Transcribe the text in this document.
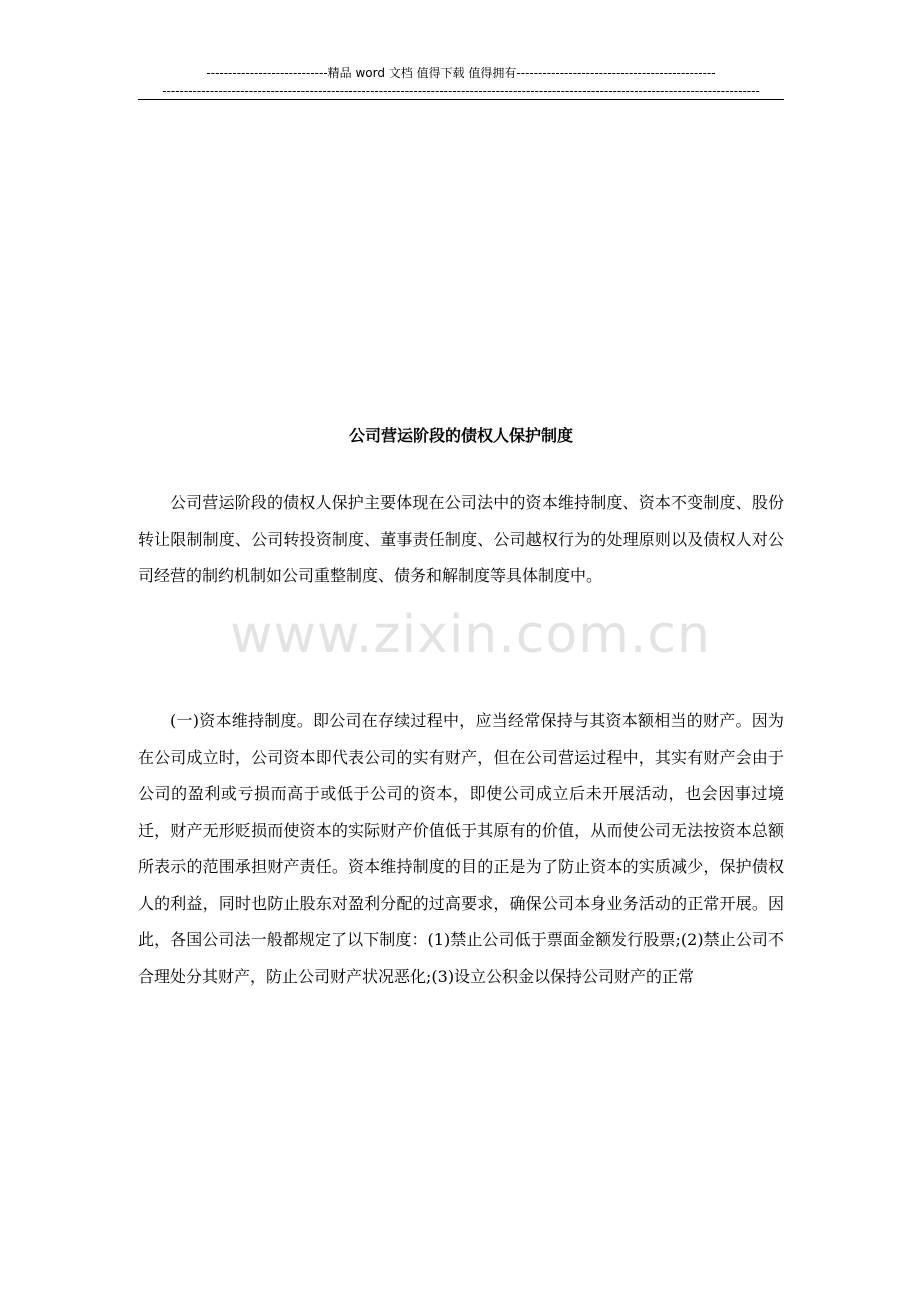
----------------------------精品 word 文档 值得下载 值得拥有----------------------------------------------
------------------------------------------------------------------------------------------------------------------------------------------
公司营运阶段的债权人保护制度
公司营运阶段的债权人保护主要体现在公司法中的资本维持制度、资本不变制度、股份转让限制制度、公司转投资制度、董事责任制度、公司越权行为的处理原则以及债权人对公司经营的制约机制如公司重整制度、债务和解制度等具体制度中。
(一)资本维持制度。即公司在存续过程中，应当经常保持与其资本额相当的财产。因为在公司成立时，公司资本即代表公司的实有财产，但在公司营运过程中，其实有财产会由于公司的盈利或亏损而高于或低于公司的资本，即使公司成立后未开展活动，也会因事过境迁，财产无形贬损而使资本的实际财产价值低于其原有的价值，从而使公司无法按资本总额所表示的范围承担财产责任。资本维持制度的目的正是为了防止资本的实质减少，保护债权人的利益，同时也防止股东对盈利分配的过高要求，确保公司本身业务活动的正常开展。因此，各国公司法一般都规定了以下制度：(1)禁止公司低于票面金额发行股票;(2)禁止公司不合理处分其财产，防止公司财产状况恶化;(3)设立公积金以保持公司财产的正常
www.zixin.com.cn
